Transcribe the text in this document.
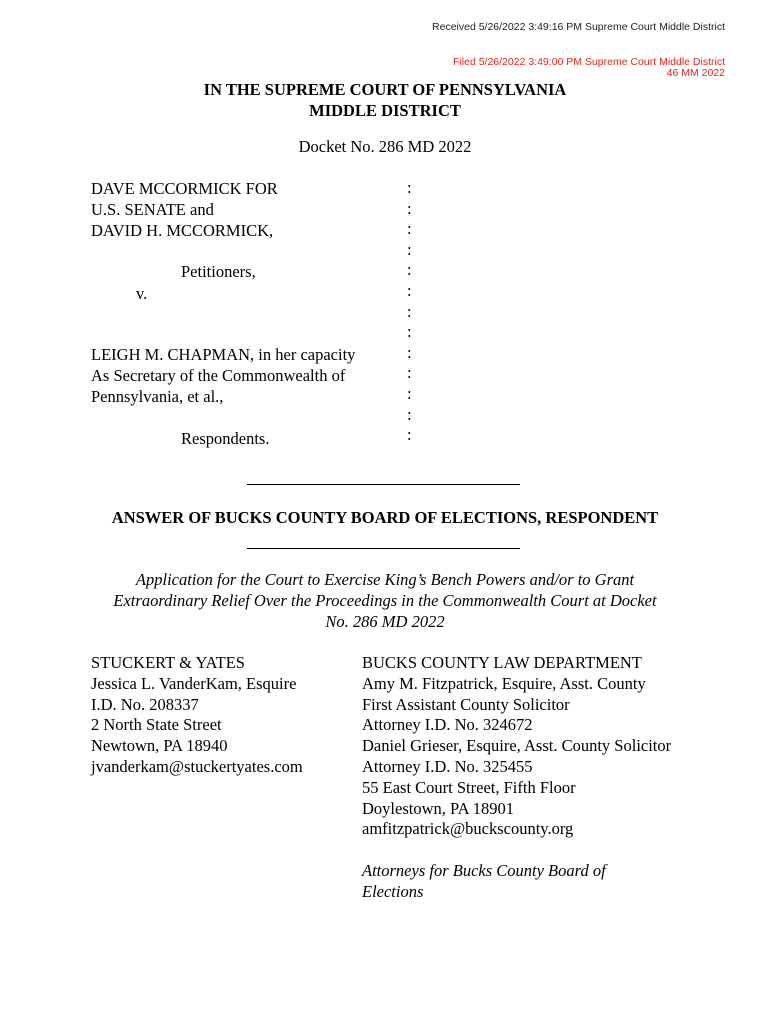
Received 5/26/2022 3:49:16 PM Supreme Court Middle District
Filed 5/26/2022 3:49:00 PM Supreme Court Middle District
46 MM 2022
IN THE SUPREME COURT OF PENNSYLVANIA
MIDDLE DISTRICT
Docket No. 286 MD 2022
DAVE MCCORMICK FOR
U.S. SENATE and
DAVID H. MCCORMICK,
Petitioners,
v.
LEIGH M. CHAPMAN, in her capacity
As Secretary of the Commonwealth of
Pennsylvania, et al.,
Respondents.
:
:
:
:
:
:
:
:
:
:
:
:
:
ANSWER OF BUCKS COUNTY BOARD OF ELECTIONS, RESPONDENT
Application for the Court to Exercise King’s Bench Powers and/or to Grant
Extraordinary Relief Over the Proceedings in the Commonwealth Court at Docket
No. 286 MD 2022
STUCKERT & YATES
Jessica L. VanderKam, Esquire
I.D. No. 208337
2 North State Street
Newtown, PA 18940
jvanderkam@stuckertyates.com
BUCKS COUNTY LAW DEPARTMENT
Amy M. Fitzpatrick, Esquire, Asst. County
First Assistant County Solicitor
Attorney I.D. No. 324672
Daniel Grieser, Esquire, Asst. County Solicitor
Attorney I.D. No. 325455
55 East Court Street, Fifth Floor
Doylestown, PA 18901
amfitzpatrick@buckscounty.org
Attorneys for Bucks County Board of
Elections
